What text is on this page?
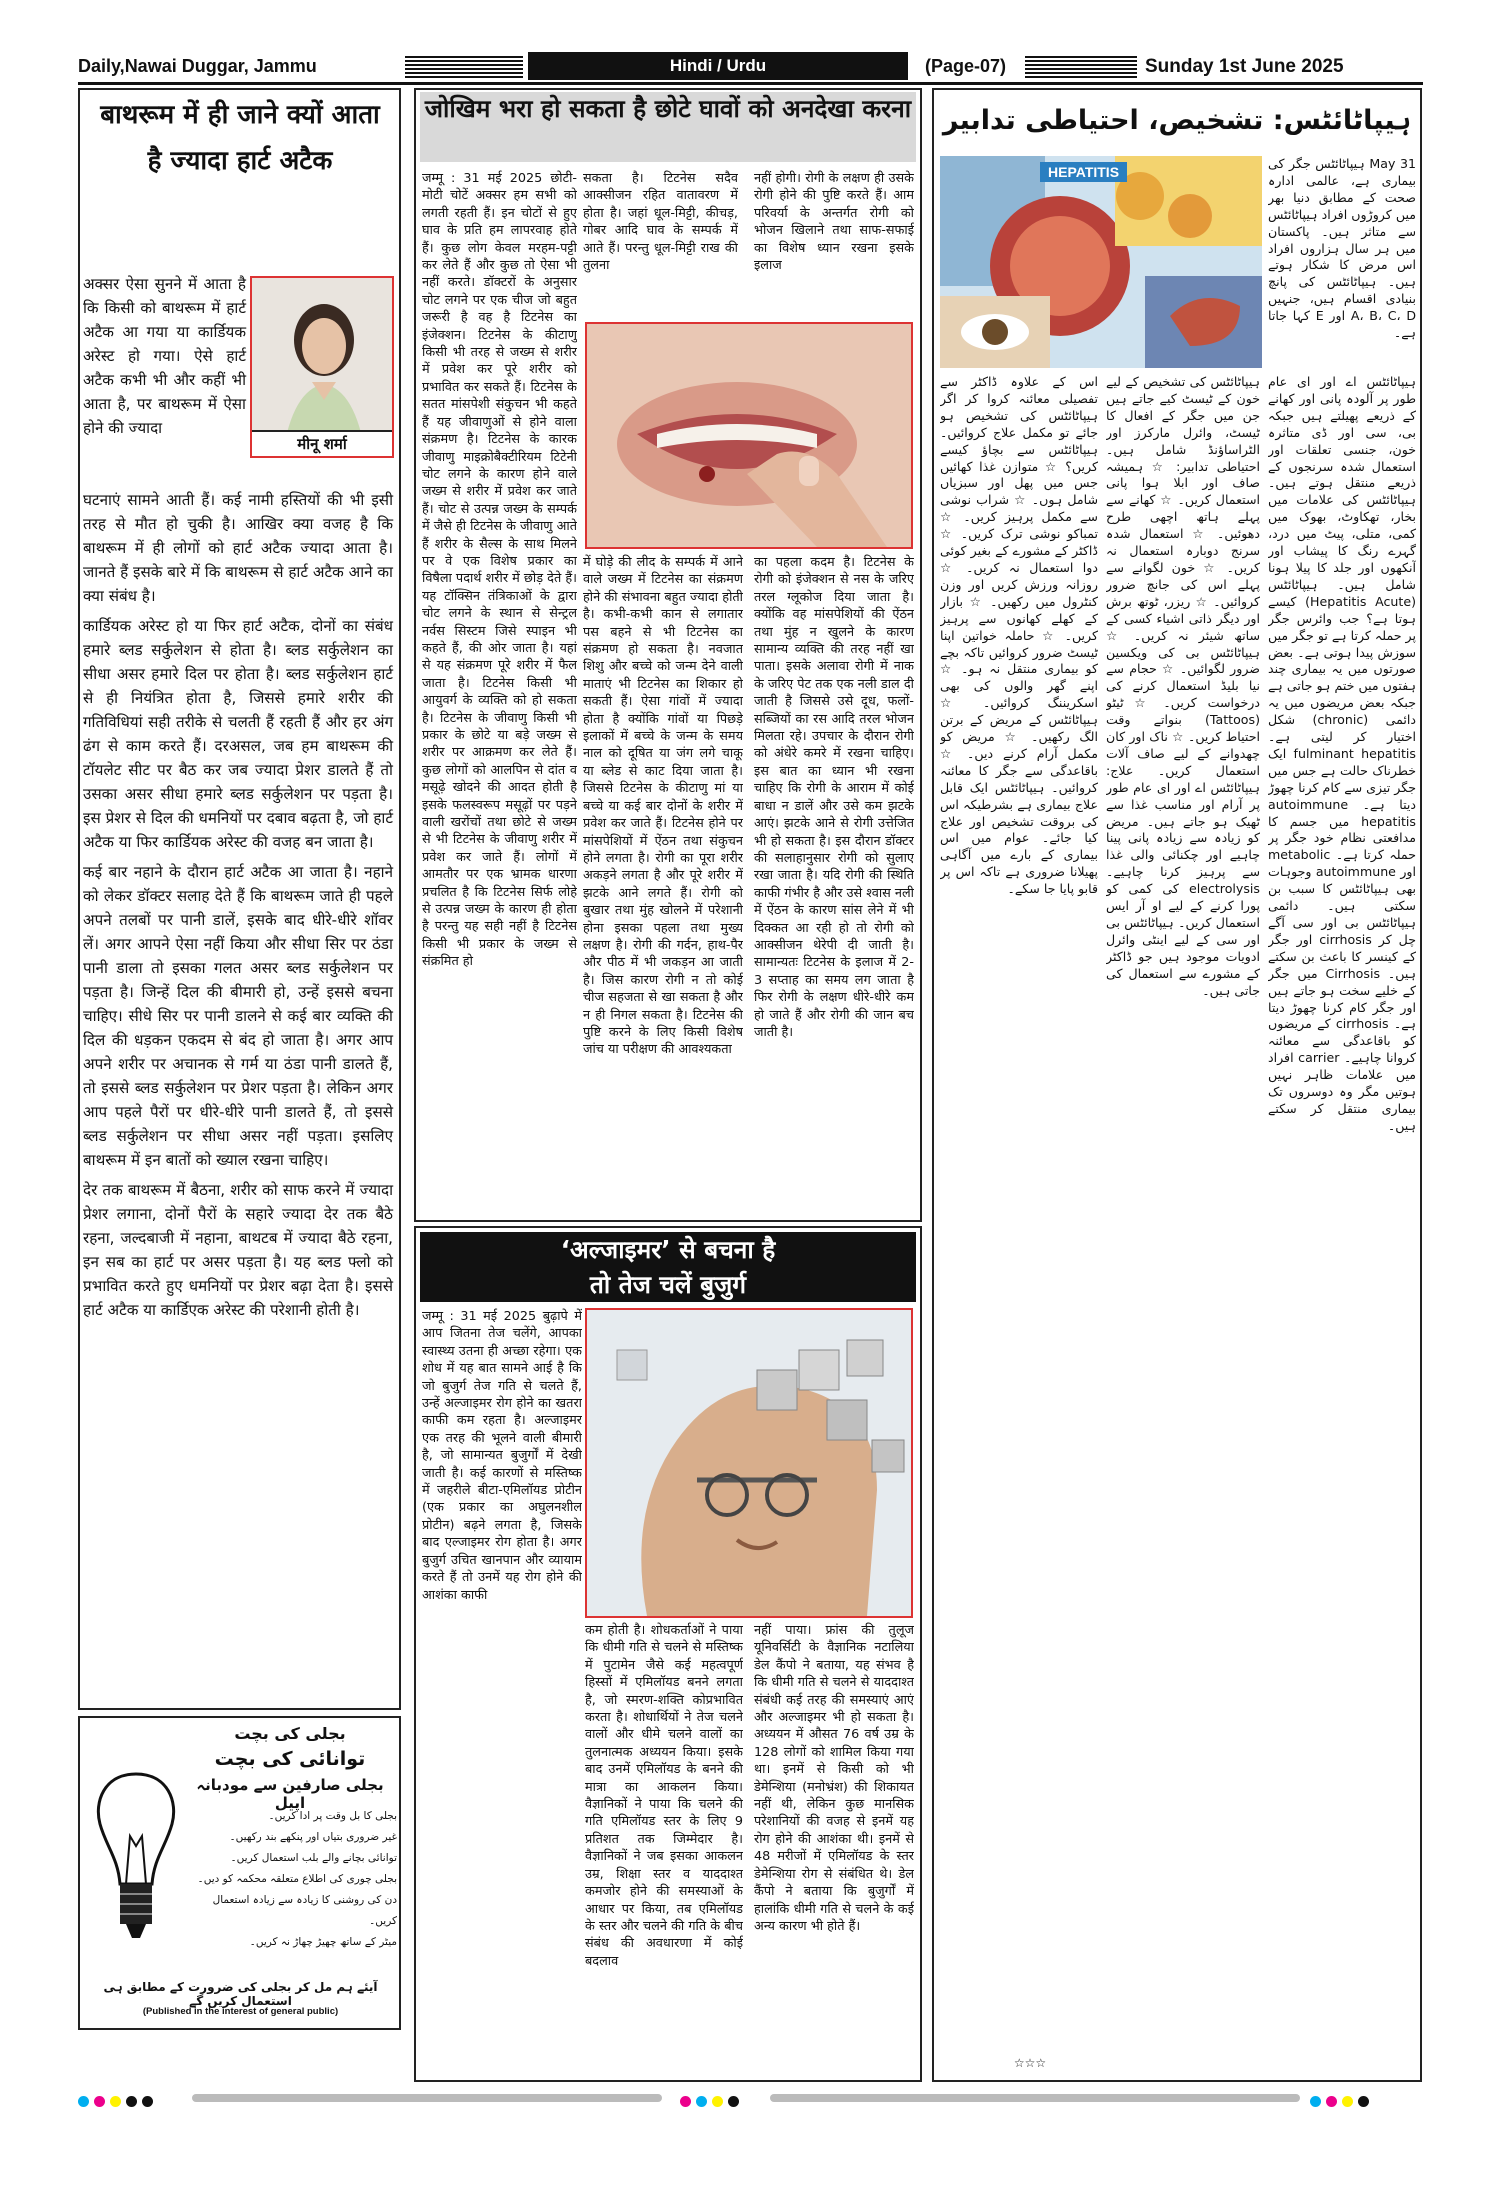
Daily,Nawai Duggar, Jammu	Hindi / Urdu	(Page-07)	Sunday 1st June 2025
बाथरूम में ही जाने क्यों आता है ज्यादा हार्ट अटैक
अक्सर ऐसा सुनने में आता है कि किसी को बाथरूम में हार्ट अटैक आ गया या कार्डियक अरेस्ट हो गया। ऐसे हार्ट अटैक कभी भी और कहीं भी आता है, पर बाथरूम में ऐसा होने की ज्यादा
मीनू शर्मा

घटनाएं सामने आती हैं। कई नामी हस्तियों की भी इसी तरह से मौत हो चुकी है। आखिर क्या वजह है कि बाथरूम में ही लोगों को हार्ट अटैक ज्यादा आता है। जानते हैं इसके बारे में कि बाथरूम से हार्ट अटैक आने का क्या संबंध है।

कार्डियक अरेस्ट हो या फिर हार्ट अटैक, दोनों का संबंध हमारे ब्लड सर्कुलेशन से होता है। ब्लड सर्कुलेशन का सीधा असर हमारे दिल पर होता है। ब्लड सर्कुलेशन हार्ट से ही नियंत्रित होता है, जिससे हमारे शरीर की गतिविधियां सही तरीके से चलती हैं रहती हैं और हर अंग ढंग से काम करते हैं। दरअसल, जब हम बाथरूम की टॉयलेट सीट पर बैठ कर जब ज्यादा प्रेशर डालते हैं तो उसका असर सीधा हमारे ब्लड सर्कुलेशन पर पड़ता है। इस प्रेशर से दिल की धमनियों पर दबाव बढ़ता है, जो हार्ट अटैक या फिर कार्डियक अरेस्ट की वजह बन जाता है।

कई बार नहाने के दौरान हार्ट अटैक आ जाता है। नहाने को लेकर डॉक्टर सलाह देते हैं कि बाथरूम जाते ही पहले अपने तलबों पर पानी डालें, इसके बाद धीरे-धीरे शॉवर लें। अगर आपने ऐसा नहीं किया और सीधा सिर पर ठंडा पानी डाला तो इसका गलत असर ब्लड सर्कुलेशन पर पड़ता है। जिन्हें दिल की बीमारी हो, उन्हें इससे बचना चाहिए। सीधे सिर पर पानी डालने से कई बार व्यक्ति की दिल की धड़कन एकदम से बंद हो जाता है। अगर आप अपने शरीर पर अचानक से गर्म या ठंडा पानी डालते हैं, तो इससे ब्लड सर्कुलेशन पर प्रेशर पड़ता है। लेकिन अगर आप पहले पैरों पर धीरे-धीरे पानी डालते हैं, तो इससे ब्लड सर्कुलेशन पर सीधा असर नहीं पड़ता। इसलिए बाथरूम में इन बातों को ख्याल रखना चाहिए।

देर तक बाथरूम में बैठना, शरीर को साफ करने में ज्यादा प्रेशर लगाना, दोनों पैरों के सहारे ज्यादा देर तक बैठे रहना, जल्दबाजी में नहाना, बाथटब में ज्यादा बैठे रहना, इन सब का हार्ट पर असर पड़ता है। यह ब्लड फ्लो को प्रभावित करते हुए धमनियों पर प्रेशर बढ़ा देता है। इससे हार्ट अटैक या कार्डिएक अरेस्ट की परेशानी होती है।

بجلی کی بچت
توانائی کی بچت
بجلی صارفین سے مودبانہ اپیل
بجلی کا بل وقت پر ادا کریں۔
غیر ضروری بتیاں اور پنکھے بند رکھیں۔
توانائی بچانے والے بلب استعمال کریں۔
بجلی چوری کی اطلاع متعلقہ محکمہ کو دیں۔
دن کی روشنی کا زیادہ سے زیادہ استعمال کریں۔
میٹر کے ساتھ چھیڑ چھاڑ نہ کریں۔
آیئے ہم مل کر بجلی کی ضرورت کے مطابق ہی استعمال کریں گے
(Published in the interest of general public)
जोखिम भरा हो सकता है छोटे घावों को अनदेखा करना
जम्मू : 31 मई 2025 छोटी-मोटी चोटें अक्सर हम सभी को लगती रहती हैं। इन चोटों से हुए घाव के प्रति हम लापरवाह होते हैं। कुछ लोग केवल मरहम-पट्टी कर लेते हैं और कुछ तो ऐसा भी नहीं करते। डॉक्टरों के अनुसार चोट लगने पर एक चीज जो बहुत जरूरी है वह है टिटनेस का इंजेक्शन। टिटनेस के कीटाणु किसी भी तरह से जख्म से शरीर में प्रवेश कर पूरे शरीर को प्रभावित कर सकते हैं। टिटनेस के सतत मांसपेशी संकुचन भी कहते हैं यह जीवाणुओं से होने वाला संक्रमण है। टिटनेस के कारक जीवाणु माइक्रोबैक्टीरियम टिटेनी चोट लगने के कारण होने वाले जख्म से शरीर में प्रवेश कर जाते हैं। चोट से उत्पन्न जख्म के सम्पर्क में जैसे ही टिटनेस के जीवाणु आते हैं शरीर के सैल्स के साथ मिलने पर वे एक विशेष प्रकार का विषैला पदार्थ शरीर में छोड़ देते हैं। यह टॉक्सिन तंत्रिकाओं के द्वारा चोट लगने के स्थान से सेन्ट्रल नर्वस सिस्टम जिसे स्पाइन भी कहते हैं, की ओर जाता है। यहां से यह संक्रमण पूरे शरीर में फैल जाता है। टिटनेस किसी भी आयुवर्ग के व्यक्ति को हो सकता है। टिटनेस के जीवाणु किसी भी प्रकार के छोटे या बड़े जख्म से शरीर पर आक्रमण कर लेते हैं। कुछ लोगों को आलपिन से दांत व मसूढ़े खोदने की आदत होती है इसके फलस्वरूप मसूढ़ों पर पड़ने वाली खरोंचों तथा छोटे से जख्म से भी टिटनेस के जीवाणु शरीर में प्रवेश कर जाते हैं। लोगों में आमतौर पर एक भ्रामक धारणा प्रचलित है कि टिटनेस सिर्फ लोहे से उत्पन्न जख्म के कारण ही होता है परन्तु यह सही नहीं है टिटनेस किसी भी प्रकार के जख्म से संक्रमित हो
सकता है। टिटनेस सदैव आक्सीजन रहित वातावरण में होता है। जहां धूल-मिट्टी, कीचड़, गोबर आदि घाव के सम्पर्क में आते हैं। परन्तु धूल-मिट्टी राख की तुलना
नहीं होगी। रोगी के लक्षण ही उसके रोगी होने की पुष्टि करते हैं। आम परिवर्या के अन्तर्गत रोगी को भोजन खिलाने तथा साफ-सफाई का विशेष ध्यान रखना इसके इलाज
में घोड़े की लीद के सम्पर्क में आने वाले जख्म में टिटनेस का संक्रमण होने की संभावना बहुत ज्यादा होती है। कभी-कभी कान से लगातार पस बहने से भी टिटनेस का संक्रमण हो सकता है। नवजात शिशु और बच्चे को जन्म देने वाली माताएं भी टिटनेस का शिकार हो सकती हैं। ऐसा गांवों में ज्यादा होता है क्योंकि गांवों या पिछड़े इलाकों में बच्चे के जन्म के समय नाल को दूषित या जंग लगे चाकू या ब्लेड से काट दिया जाता है। जिससे टिटनेस के कीटाणु मां या बच्चे या कई बार दोनों के शरीर में प्रवेश कर जाते हैं। टिटनेस होने पर मांसपेशियों में ऐंठन तथा संकुचन होने लगता है। रोगी का पूरा शरीर अकड़ने लगता है और पूरे शरीर में झटके आने लगते हैं। रोगी को बुखार तथा मुंह खोलने में परेशानी होना इसका पहला तथा मुख्य लक्षण है। रोगी की गर्दन, हाथ-पैर और पीठ में भी जकड़न आ जाती है। जिस कारण रोगी न तो कोई चीज सहजता से खा सकता है और न ही निगल सकता है। टिटनेस की पुष्टि करने के लिए किसी विशेष जांच या परीक्षण की आवश्यकता
का पहला कदम है। टिटनेस के रोगी को इंजेक्शन से नस के जरिए तरल ग्लूकोज दिया जाता है। क्योंकि वह मांसपेशियों की ऐंठन तथा मुंह न खुलने के कारण सामान्य व्यक्ति की तरह नहीं खा पाता। इसके अलावा रोगी में नाक के जरिए पेट तक एक नली डाल दी जाती है जिससे उसे दूध, फलों-सब्जियों का रस आदि तरल भोजन मिलता रहे। उपचार के दौरान रोगी को अंधेरे कमरे में रखना चाहिए। इस बात का ध्यान भी रखना चाहिए कि रोगी के आराम में कोई बाधा न डालें और उसे कम झटके आएं। झटके आने से रोगी उत्तेजित भी हो सकता है। इस दौरान डॉक्टर की सलाहानुसार रोगी को सुलाए रखा जाता है। यदि रोगी की स्थिति काफी गंभीर है और उसे श्वास नली में ऐंठन के कारण सांस लेने में भी दिक्कत आ रही हो तो रोगी को आक्सीजन थेरेपी दी जाती है। सामान्यतः टिटनेस के इलाज में 2-3 सप्ताह का समय लग जाता है फिर रोगी के लक्षण धीरे-धीरे कम हो जाते हैं और रोगी की जान बच जाती है।
‘अल्जाइमर’ से बचना है
तो तेज चलें बुजुर्ग
जम्मू : 31 मई 2025 बुढ़ापे में आप जितना तेज चलेंगे, आपका स्वास्थ्य उतना ही अच्छा रहेगा। एक शोध में यह बात सामने आई है कि जो बुजुर्ग तेज गति से चलते हैं, उन्हें अल्जाइमर रोग होने का खतरा काफी कम रहता है। अल्जाइमर एक तरह की भूलने वाली बीमारी है, जो सामान्यत बुजुर्गों में देखी जाती है। कई कारणों से मस्तिष्क में जहरीले बीटा-एमिलॉयड प्रोटीन (एक प्रकार का अघुलनशील प्रोटीन) बढ़ने लगता है, जिसके बाद एल्जाइमर रोग होता है। अगर बुजुर्ग उचित खानपान और व्यायाम करते हैं तो उनमें यह रोग होने की आशंका काफी
कम होती है। शोधकर्ताओं ने पाया कि धीमी गति से चलने से मस्तिष्क में पुटामेन जैसे कई महत्वपूर्ण हिस्सों में एमिलॉयड बनने लगता है, जो स्मरण-शक्ति कोप्रभावित करता है। शोधार्थियों ने तेज चलने वालों और धीमे चलने वालों का तुलनात्मक अध्ययन किया। इसके बाद उनमें एमिलॉयड के बनने की मात्रा का आकलन किया। वैज्ञानिकों ने पाया कि चलने की गति एमिलॉयड स्तर के लिए 9 प्रतिशत तक जिम्मेदार है। वैज्ञानिकों ने जब इसका आकलन उम्र, शिक्षा स्तर व याददाश्त कमजोर होने की समस्याओं के आधार पर किया, तब एमिलॉयड के स्तर और चलने की गति के बीच संबंध की अवधारणा में कोई बदलाव
नहीं पाया। फ्रांस की तुलूज यूनिवर्सिटी के वैज्ञानिक नटालिया डेल कैंपो ने बताया, यह संभव है कि धीमी गति से चलने से याददाश्त संबंधी कई तरह की समस्याएं आएं और अल्जाइमर भी हो सकता है। अध्ययन में औसत 76 वर्ष उम्र के 128 लोगों को शामिल किया गया था। इनमें से किसी को भी डेमेन्शिया (मनोभ्रंश) की शिकायत नहीं थी, लेकिन कुछ मानसिक परेशानियों की वजह से इनमें यह रोग होने की आशंका थी। इनमें से 48 मरीजों में एमिलॉयड के स्तर डेमेन्शिया रोग से संबंधित थे। डेल कैंपो ने बताया कि बुजुर्गों में हालांकि धीमी गति से चलने के कई अन्य कारण भी होते हैं।
ہیپاٹائٹس: تشخیص، احتیاطی تدابیر
HEPATITIS
31 May ہیپاٹائٹس جگر کی بیماری ہے، عالمی ادارہ صحت کے مطابق دنیا بھر میں کروڑوں افراد ہیپاٹائٹس سے متاثر ہیں۔ پاکستان میں ہر سال ہزاروں افراد اس مرض کا شکار ہوتے ہیں۔ ہیپاٹائٹس کی پانچ بنیادی اقسام ہیں، جنہیں A، B، C، D اور E کہا جاتا ہے۔
ہیپاٹائٹس اے اور ای عام طور پر آلودہ پانی اور کھانے کے ذریعے پھیلتے ہیں جبکہ بی، سی اور ڈی متاثرہ خون، جنسی تعلقات اور استعمال شدہ سرنجوں کے ذریعے منتقل ہوتے ہیں۔ ہیپاٹائٹس کی علامات میں بخار، تھکاوٹ، بھوک میں کمی، متلی، پیٹ میں درد، گہرے رنگ کا پیشاب اور آنکھوں اور جلد کا پیلا ہونا شامل ہیں۔ ہیپاٹائٹس (Hepatitis Acute) کیسے ہوتا ہے؟ جب وائرس جگر پر حملہ کرتا ہے تو جگر میں سوزش پیدا ہوتی ہے۔ بعض صورتوں میں یہ بیماری چند ہفتوں میں ختم ہو جاتی ہے جبکہ بعض مریضوں میں یہ دائمی (chronic) شکل اختیار کر لیتی ہے۔ fulminant hepatitis ایک خطرناک حالت ہے جس میں جگر تیزی سے کام کرنا چھوڑ دیتا ہے۔ autoimmune hepatitis میں جسم کا مدافعتی نظام خود جگر پر حملہ کرتا ہے۔ metabolic اور autoimmune وجوہات بھی ہیپاٹائٹس کا سبب بن سکتی ہیں۔ دائمی ہیپاٹائٹس بی اور سی آگے چل کر cirrhosis اور جگر کے کینسر کا باعث بن سکتے ہیں۔ Cirrhosis میں جگر کے خلیے سخت ہو جاتے ہیں اور جگر کام کرنا چھوڑ دیتا ہے۔ cirrhosis کے مریضوں کو باقاعدگی سے معائنہ کروانا چاہیے۔ carrier افراد میں علامات ظاہر نہیں ہوتیں مگر وہ دوسروں تک بیماری منتقل کر سکتے ہیں۔
ہیپاٹائٹس کی تشخیص کے لیے خون کے ٹیسٹ کیے جاتے ہیں جن میں جگر کے افعال کا ٹیسٹ، وائرل مارکرز اور الٹراساؤنڈ شامل ہیں۔ احتیاطی تدابیر: ☆ ہمیشہ صاف اور ابلا ہوا پانی استعمال کریں۔ ☆ کھانے سے پہلے ہاتھ اچھی طرح دھوئیں۔ ☆ استعمال شدہ سرنج دوبارہ استعمال نہ کریں۔ ☆ خون لگوانے سے پہلے اس کی جانچ ضرور کروائیں۔ ☆ ریزر، ٹوتھ برش اور دیگر ذاتی اشیاء کسی کے ساتھ شیئر نہ کریں۔ ☆ ہیپاٹائٹس بی کی ویکسین ضرور لگوائیں۔ ☆ حجام سے نیا بلیڈ استعمال کرنے کی درخواست کریں۔ ☆ ٹیٹو (Tattoos) بنواتے وقت احتیاط کریں۔ ☆ ناک اور کان چھدوانے کے لیے صاف آلات استعمال کریں۔ علاج: ہیپاٹائٹس اے اور ای عام طور پر آرام اور مناسب غذا سے ٹھیک ہو جاتے ہیں۔ مریض کو زیادہ سے زیادہ پانی پینا چاہیے اور چکنائی والی غذا سے پرہیز کرنا چاہیے۔ electrolysis کی کمی کو پورا کرنے کے لیے او آر ایس استعمال کریں۔ ہیپاٹائٹس بی اور سی کے لیے اینٹی وائرل ادویات موجود ہیں جو ڈاکٹر کے مشورے سے استعمال کی جاتی ہیں۔
اس کے علاوہ ڈاکٹر سے تفصیلی معائنہ کروا کر اگر ہیپاٹائٹس کی تشخیص ہو جائے تو مکمل علاج کروائیں۔ ہیپاٹائٹس سے بچاؤ کیسے کریں؟ ☆ متوازن غذا کھائیں جس میں پھل اور سبزیاں شامل ہوں۔ ☆ شراب نوشی سے مکمل پرہیز کریں۔ ☆ تمباکو نوشی ترک کریں۔ ☆ ڈاکٹر کے مشورے کے بغیر کوئی دوا استعمال نہ کریں۔ ☆ روزانہ ورزش کریں اور وزن کنٹرول میں رکھیں۔ ☆ بازار کے کھلے کھانوں سے پرہیز کریں۔ ☆ حاملہ خواتین اپنا ٹیسٹ ضرور کروائیں تاکہ بچے کو بیماری منتقل نہ ہو۔ ☆ اپنے گھر والوں کی بھی اسکریننگ کروائیں۔ ☆ ہیپاٹائٹس کے مریض کے برتن الگ رکھیں۔ ☆ مریض کو مکمل آرام کرنے دیں۔ ☆ باقاعدگی سے جگر کا معائنہ کروائیں۔ ہیپاٹائٹس ایک قابل علاج بیماری ہے بشرطیکہ اس کی بروقت تشخیص اور علاج کیا جائے۔ عوام میں اس بیماری کے بارے میں آگاہی پھیلانا ضروری ہے تاکہ اس پر قابو پایا جا سکے۔
☆☆☆
